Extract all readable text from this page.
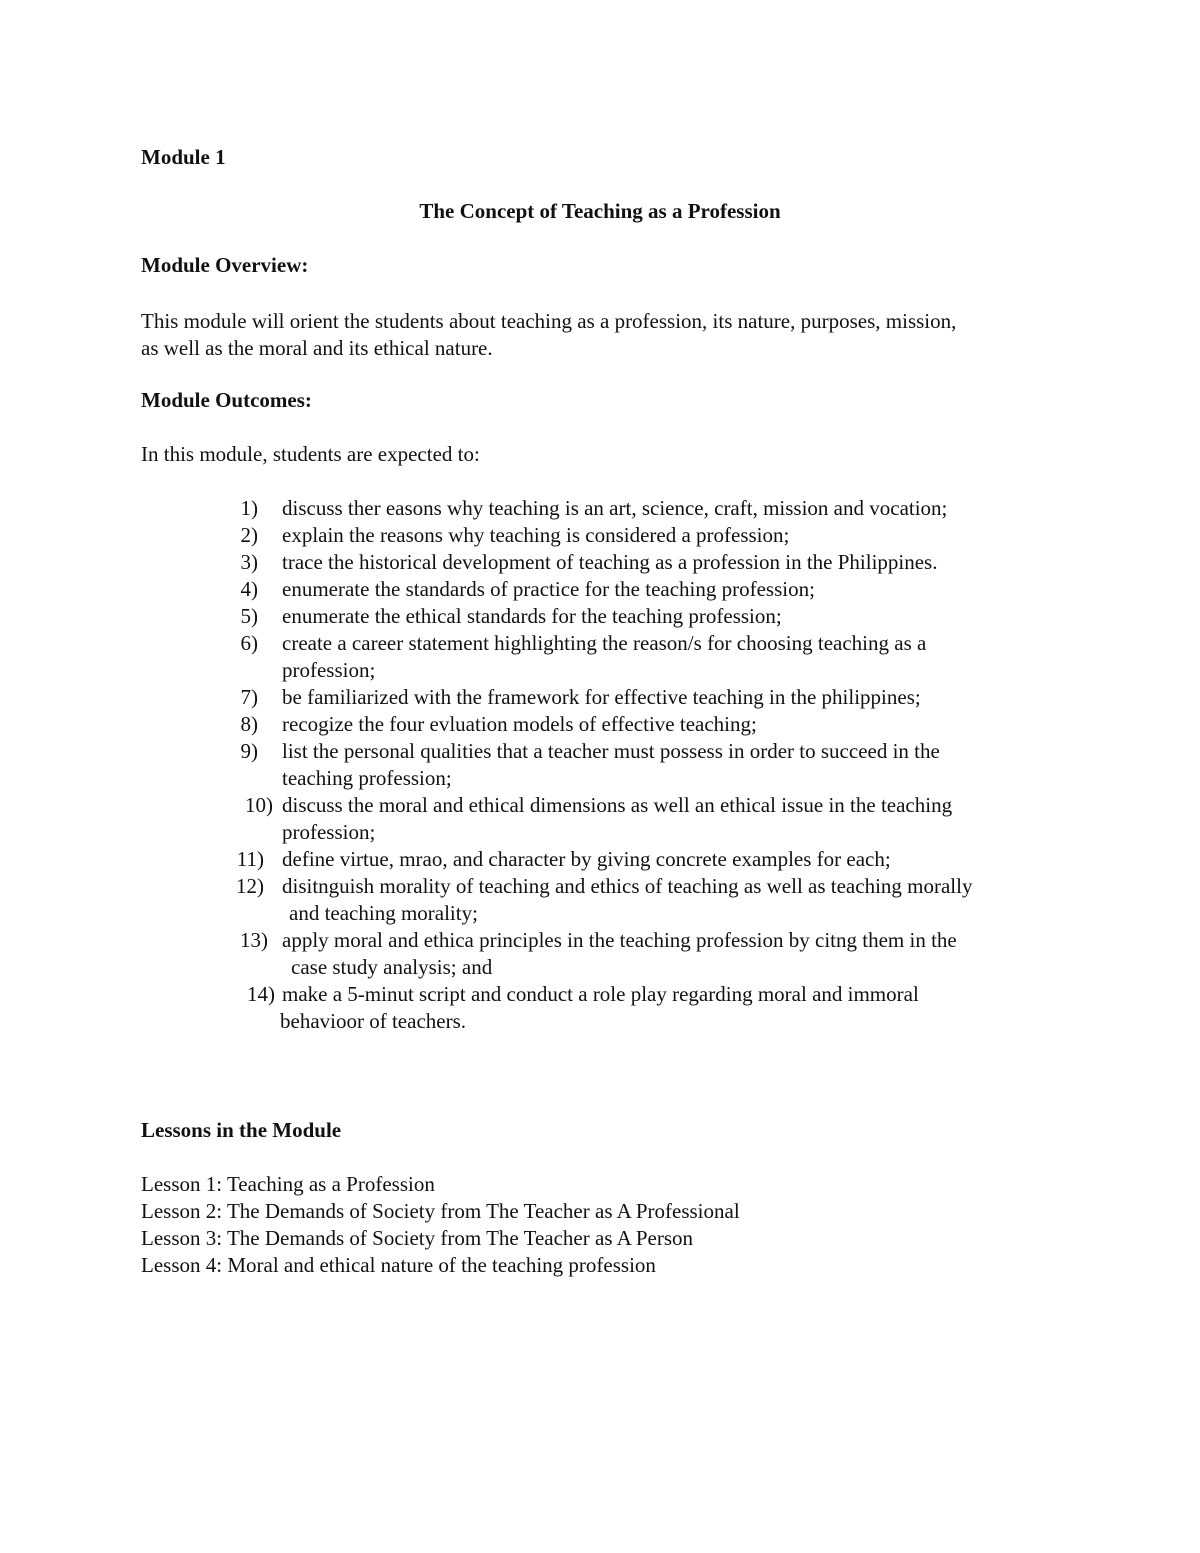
Module 1
The Concept of Teaching as a Profession
Module Overview:
This module will orient the students about teaching as a profession, its nature, purposes, mission,
as well as the moral and its ethical nature.
Module Outcomes:
In this module, students are expected to:
1) discuss ther easons why teaching is an art, science, craft, mission and vocation;
2) explain the reasons why teaching is considered a profession;
3) trace the historical development of teaching as a profession in the Philippines.
4) enumerate the standards of practice for the teaching profession;
5) enumerate the ethical standards for the teaching profession;
6) create a career statement highlighting the reason/s for choosing teaching as a
profession;
7) be familiarized with the framework for effective teaching in the philippines;
8) recogize the four evluation models of effective teaching;
9) list the personal qualities that a teacher must possess in order to succeed in the
teaching profession;
10) discuss the moral and ethical dimensions as well an ethical issue in the teaching
profession;
11) define virtue, mrao, and character by giving concrete examples for each;
12) disitnguish morality of teaching and ethics of teaching as well as teaching morally
and teaching morality;
13) apply moral and ethica principles in the teaching profession by citng them in the
case study analysis; and
14) make a 5-minut script and conduct a role play regarding moral and immoral
behavioor of teachers.
Lessons in the Module
Lesson 1: Teaching as a Profession
Lesson 2: The Demands of Society from The Teacher as A Professional
Lesson 3: The Demands of Society from The Teacher as A Person
Lesson 4: Moral and ethical nature of the teaching profession
